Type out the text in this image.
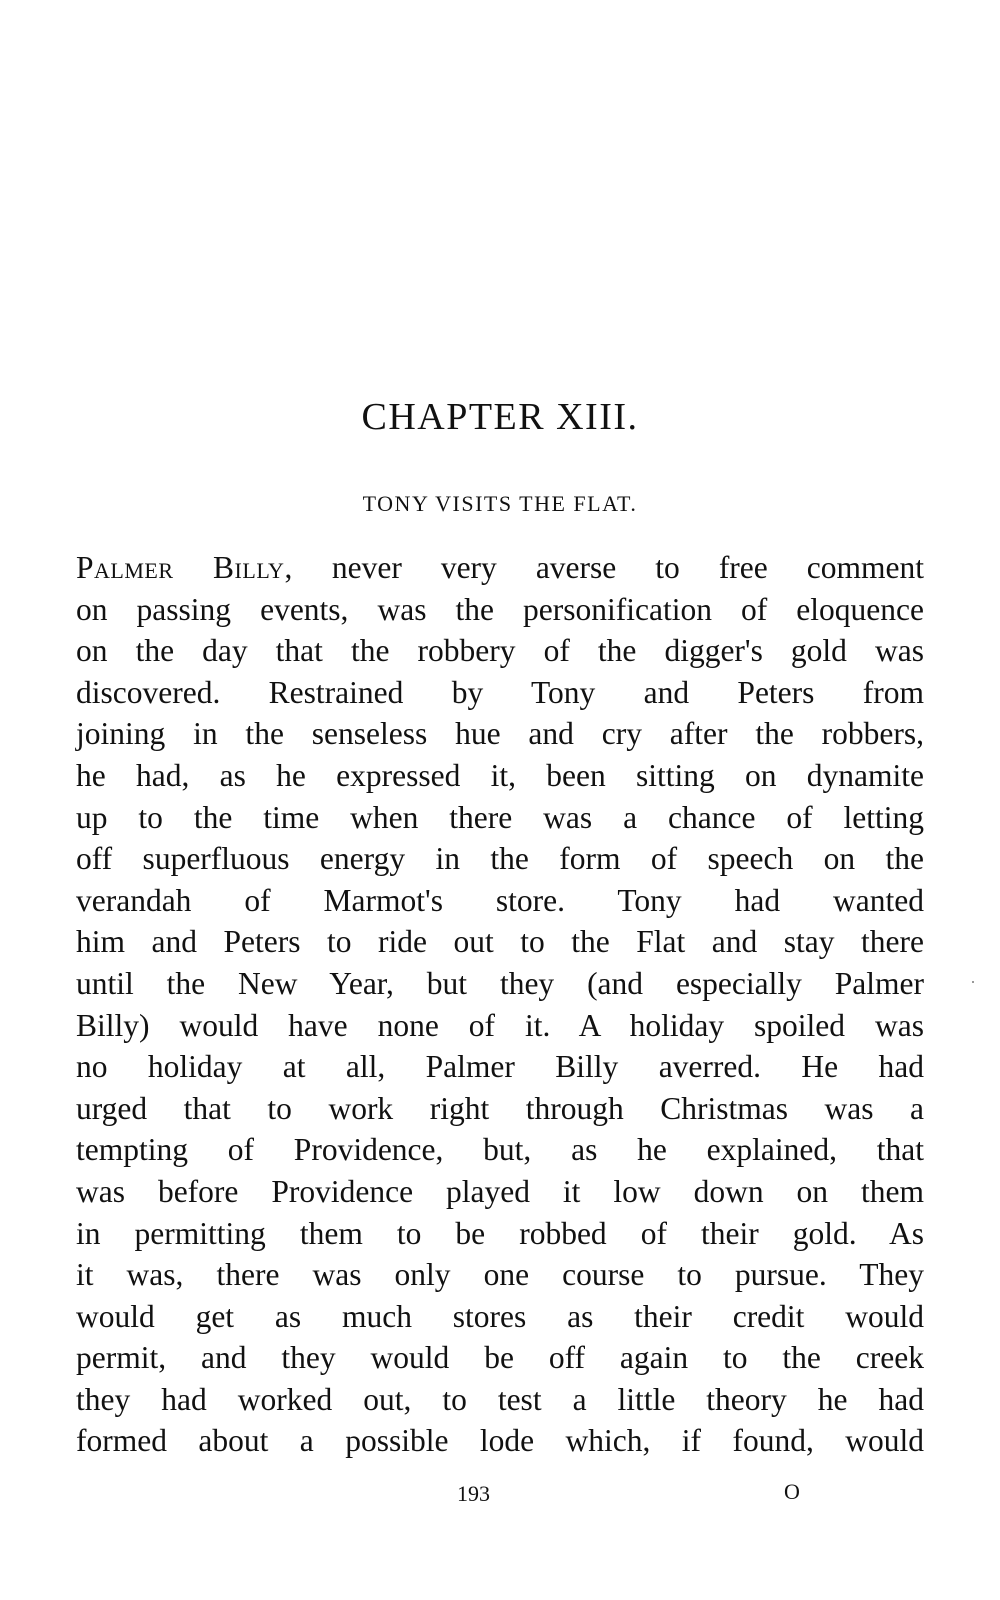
CHAPTER XIII.
TONY VISITS THE FLAT.
Palmer Billy, never very averse to free comment
on passing events, was the personification of eloquence
on the day that the robbery of the digger's gold was
discovered. Restrained by Tony and Peters from
joining in the senseless hue and cry after the robbers,
he had, as he expressed it, been sitting on dynamite
up to the time when there was a chance of letting
off superfluous energy in the form of speech on the
verandah of Marmot's store. Tony had wanted
him and Peters to ride out to the Flat and stay there
until the New Year, but they (and especially Palmer
Billy) would have none of it. A holiday spoiled was
no holiday at all, Palmer Billy averred. He had
urged that to work right through Christmas was a
tempting of Providence, but, as he explained, that
was before Providence played it low down on them
in permitting them to be robbed of their gold. As
it was, there was only one course to pursue. They
would get as much stores as their credit would
permit, and they would be off again to the creek
they had worked out, to test a little theory he had
formed about a possible lode which, if found, would
193	O
